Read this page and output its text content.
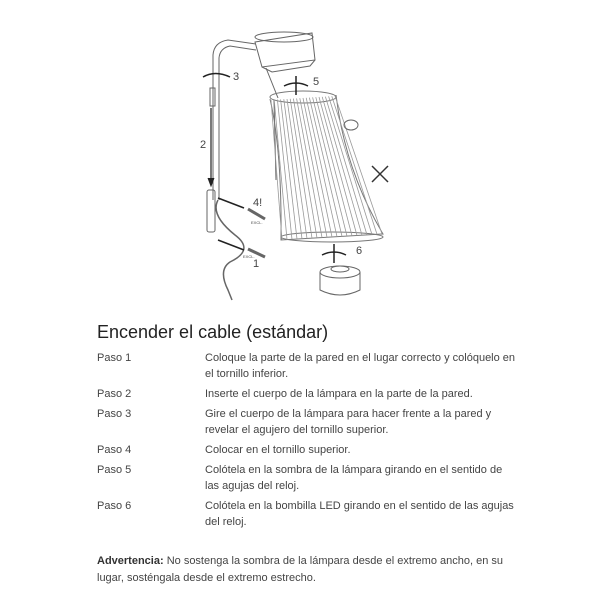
3	5
2
4!
1
6
EXCL.
EXCL.
Encender el cable (estándar)
Paso 1	Coloque la parte de la pared en el lugar correcto y colóquelo en el tornillo inferior.
Paso 2	Inserte el cuerpo de la lámpara en la parte de la pared.
Paso 3	Gire el cuerpo de la lámpara para hacer frente a la pared y revelar el agujero del tornillo superior.
Paso 4	Colocar en el tornillo superior.
Paso 5	Colótela en la sombra de la lámpara girando en el sentido de las agujas del reloj.
Paso 6	Colótela en la bombilla LED girando en el sentido de las agujas del reloj.

Advertencia: No sostenga la sombra de la lámpara desde el extremo ancho, en su lugar, sosténgala desde el extremo estrecho.
